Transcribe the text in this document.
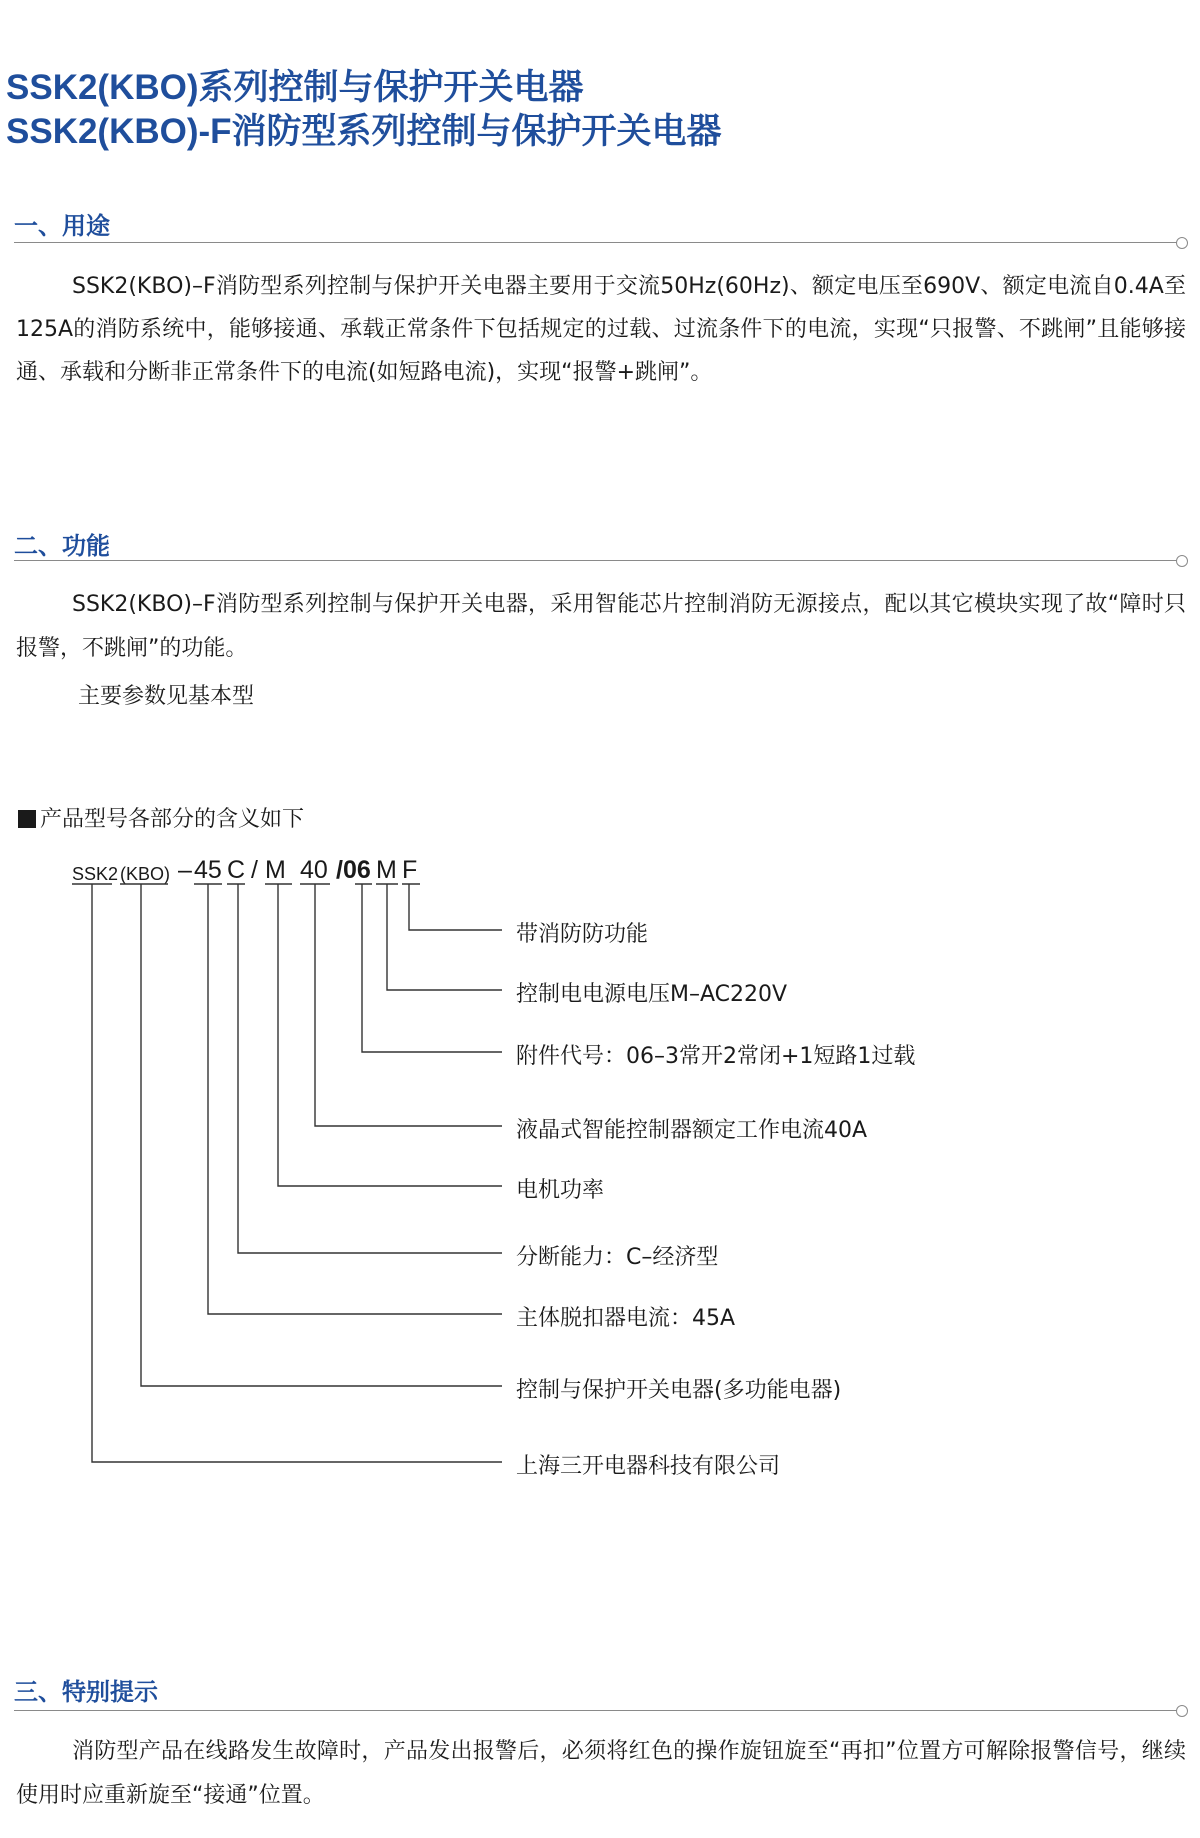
SSK2(KBO)系列控制与保护开关电器
SSK2(KBO)-F消防型系列控制与保护开关电器
一、用途

SSK2(KBO)–F消防型系列控制与保护开关电器主要用于交流50Hz(60Hz)、额定电压至690V、额定电流自0.4A至125A的消防系统中，能够接通、承载正常条件下包括规定的过载、过流条件下的电流，实现“只报警、不跳闸”且能够接通、承载和分断非正常条件下的电流(如短路电流)，实现“报警+跳闸”。

二、功能

SSK2(KBO)–F消防型系列控制与保护开关电器，采用智能芯片控制消防无源接点，配以其它模块实现了故“障时只报警，不跳闸”的功能。

主要参数见基本型

产品型号各部分的含义如下

SSK2 (KBO) – 45 C / M 40 /06 M F

带消防防功能

控制电电源电压M–AC220V

附件代号：06–3常开2常闭+1短路1过载

液晶式智能控制器额定工作电流40A

电机功率

分断能力：C–经济型

主体脱扣器电流：45A

控制与保护开关电器(多功能电器)

上海三开电器科技有限公司

三、特别提示

消防型产品在线路发生故障时，产品发出报警后，必须将红色的操作旋钮旋至“再扣”位置方可解除报警信号，继续使用时应重新旋至“接通”位置。
